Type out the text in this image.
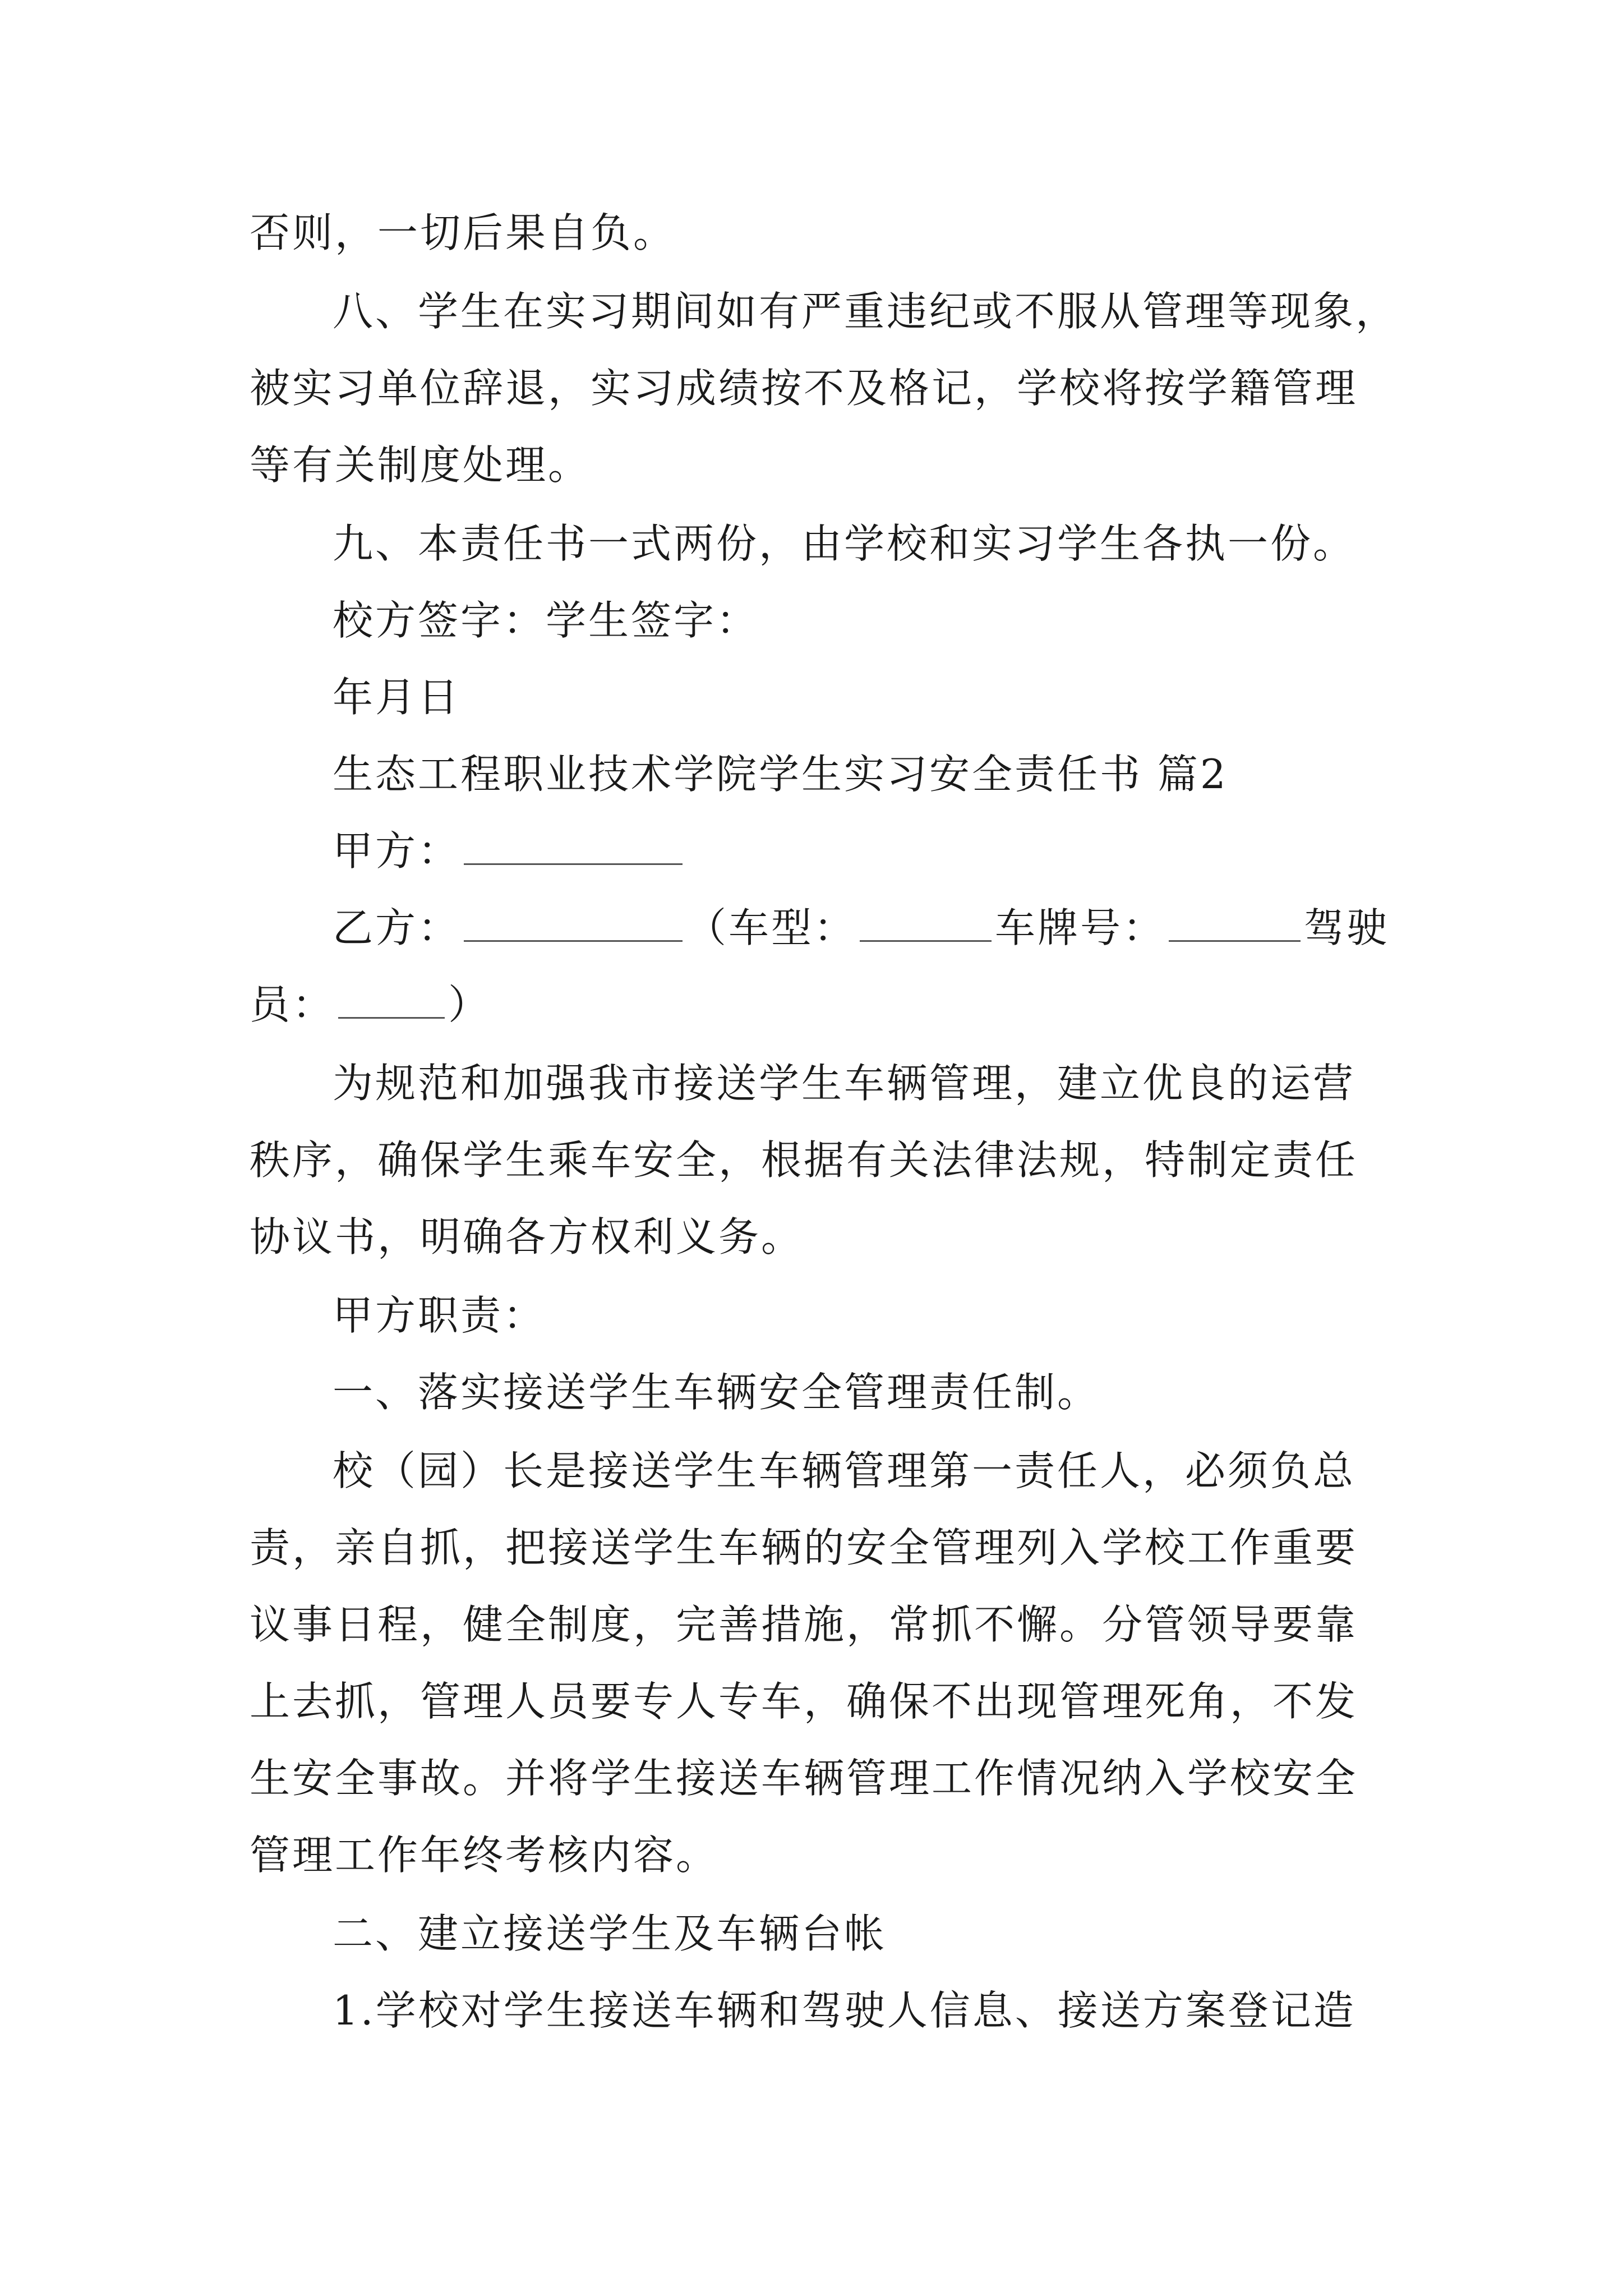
否则，一切后果自负。
八、学生在实习期间如有严重违纪或不服从管理等现象，
被实习单位辞退，实习成绩按不及格记，学校将按学籍管理
等有关制度处理。
九、本责任书一式两份，由学校和实习学生各执一份。
校方签字：学生签字：
年月日
生态工程职业技术学院学生实习安全责任书 篇2
甲方：
乙方：	（车型：	车牌号：	驾驶
员：	）
为规范和加强我市接送学生车辆管理，建立优良的运营
秩序，确保学生乘车安全，根据有关法律法规，特制定责任
协议书，明确各方权利义务。
甲方职责：
一、落实接送学生车辆安全管理责任制。
校（园）长是接送学生车辆管理第一责任人，必须负总
责，亲自抓，把接送学生车辆的安全管理列入学校工作重要
议事日程，健全制度，完善措施，常抓不懈。分管领导要靠
上去抓，管理人员要专人专车，确保不出现管理死角，不发
生安全事故。并将学生接送车辆管理工作情况纳入学校安全
管理工作年终考核内容。
二、建立接送学生及车辆台帐
1.学校对学生接送车辆和驾驶人信息、接送方案登记造
